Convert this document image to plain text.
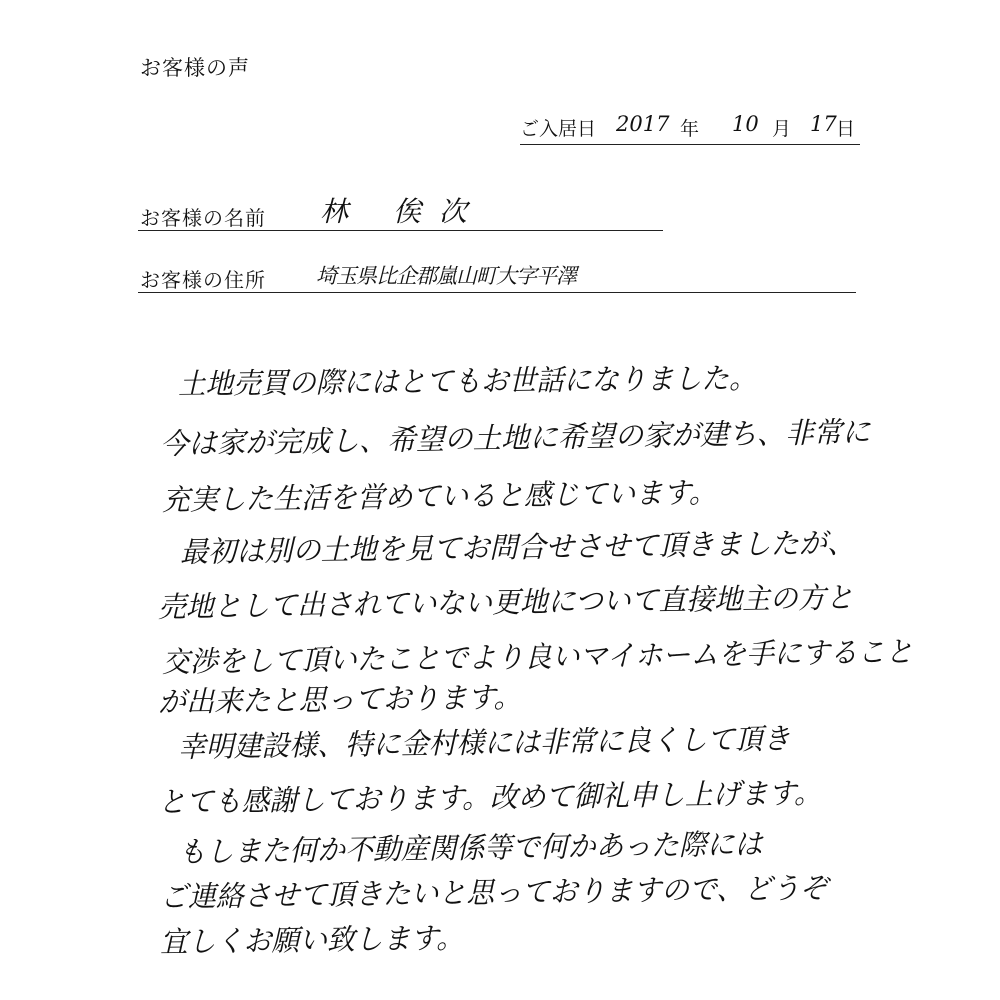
お客様の声
ご入居日 2017 年 10 月 17 日
お客様の名前 林 俟次
お客様の住所 埼玉県比企郡嵐山町大字平澤
土地売買の際にはとてもお世話になりました。
今は家が完成し、希望の土地に希望の家が建ち、非常に
充実した生活を営めていると感じています。
最初は別の土地を見てお問合せさせて頂きましたが、
売地として出されていない更地について直接地主の方と
交渉をして頂いたことでより良いマイホームを手にすること
が出来たと思っております。
幸明建設様、特に金村様には非常に良くして頂き
とても感謝しております。改めて御礼申し上げます。
もしまた何か不動産関係等で何かあった際には
ご連絡させて頂きたいと思っておりますので、どうぞ
宜しくお願い致します。
